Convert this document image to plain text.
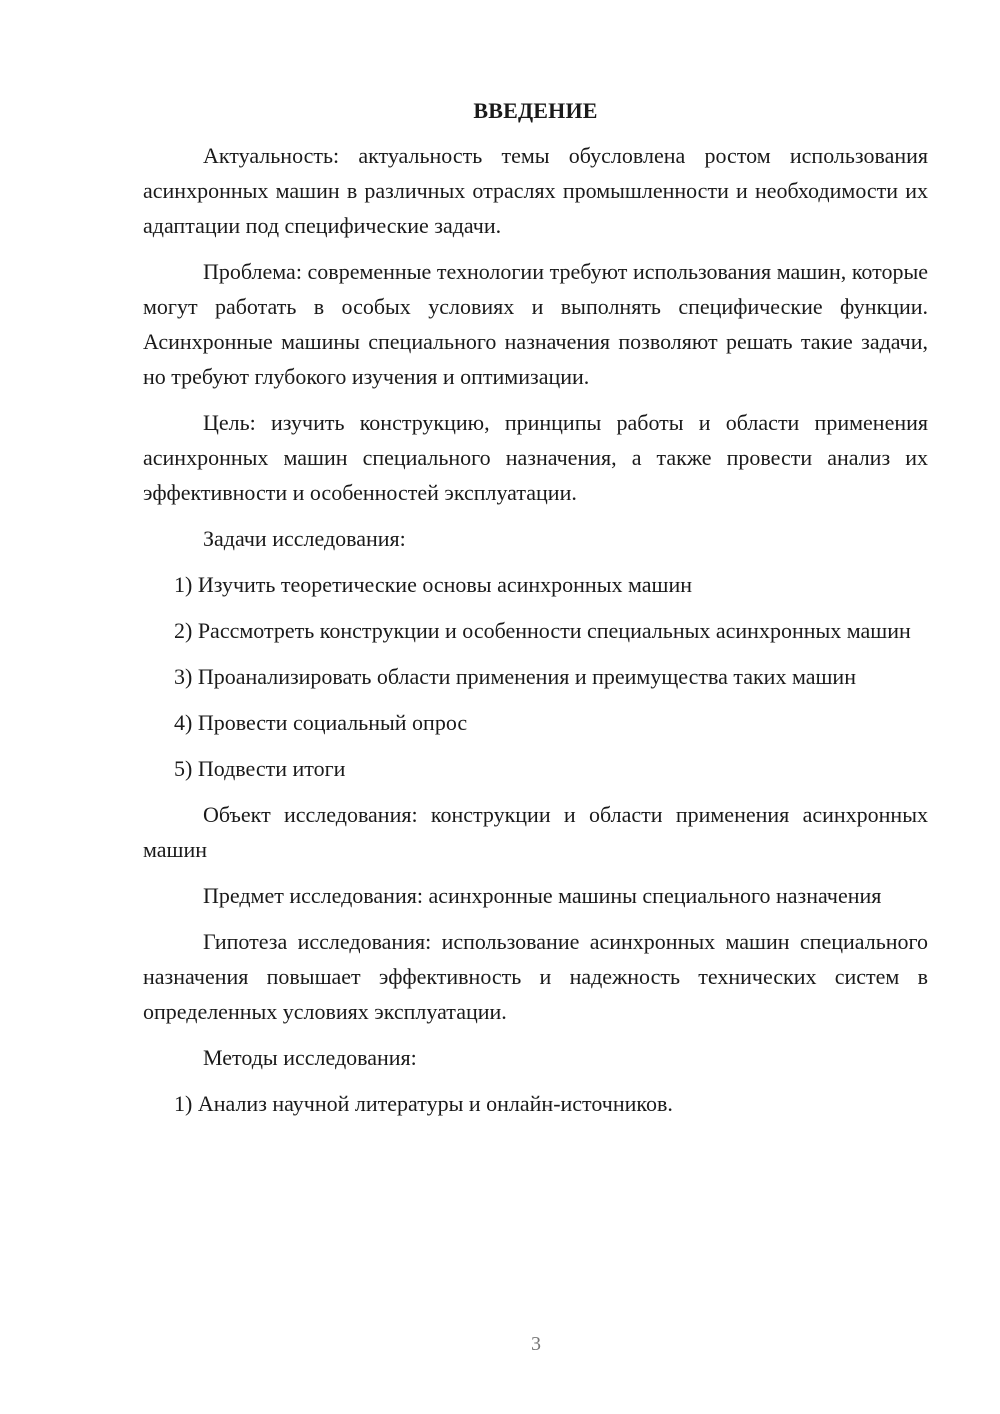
ВВЕДЕНИЕ

Актуальность: актуальность темы обусловлена ростом использования асинхронных машин в различных отраслях промышленности и необходимости их адаптации под специфические задачи.

Проблема: современные технологии требуют использования машин, которые могут работать в особых условиях и выполнять специфические функции. Асинхронные машины специального назначения позволяют решать такие задачи, но требуют глубокого изучения и оптимизации.

Цель: изучить конструкцию, принципы работы и области применения асинхронных машин специального назначения, а также провести анализ их эффективности и особенностей эксплуатации.

Задачи исследования:

1) Изучить теоретические основы асинхронных машин

2) Рассмотреть конструкции и особенности специальных асинхронных машин

3) Проанализировать области применения и преимущества таких машин

4) Провести социальный опрос

5) Подвести итоги

Объект исследования: конструкции и области применения асинхронных машин

Предмет исследования: асинхронные машины специального назначения

Гипотеза исследования: использование асинхронных машин специального назначения повышает эффективность и надежность технических систем в определенных условиях эксплуатации.

Методы исследования:

1) Анализ научной литературы и онлайн-источников.

3
